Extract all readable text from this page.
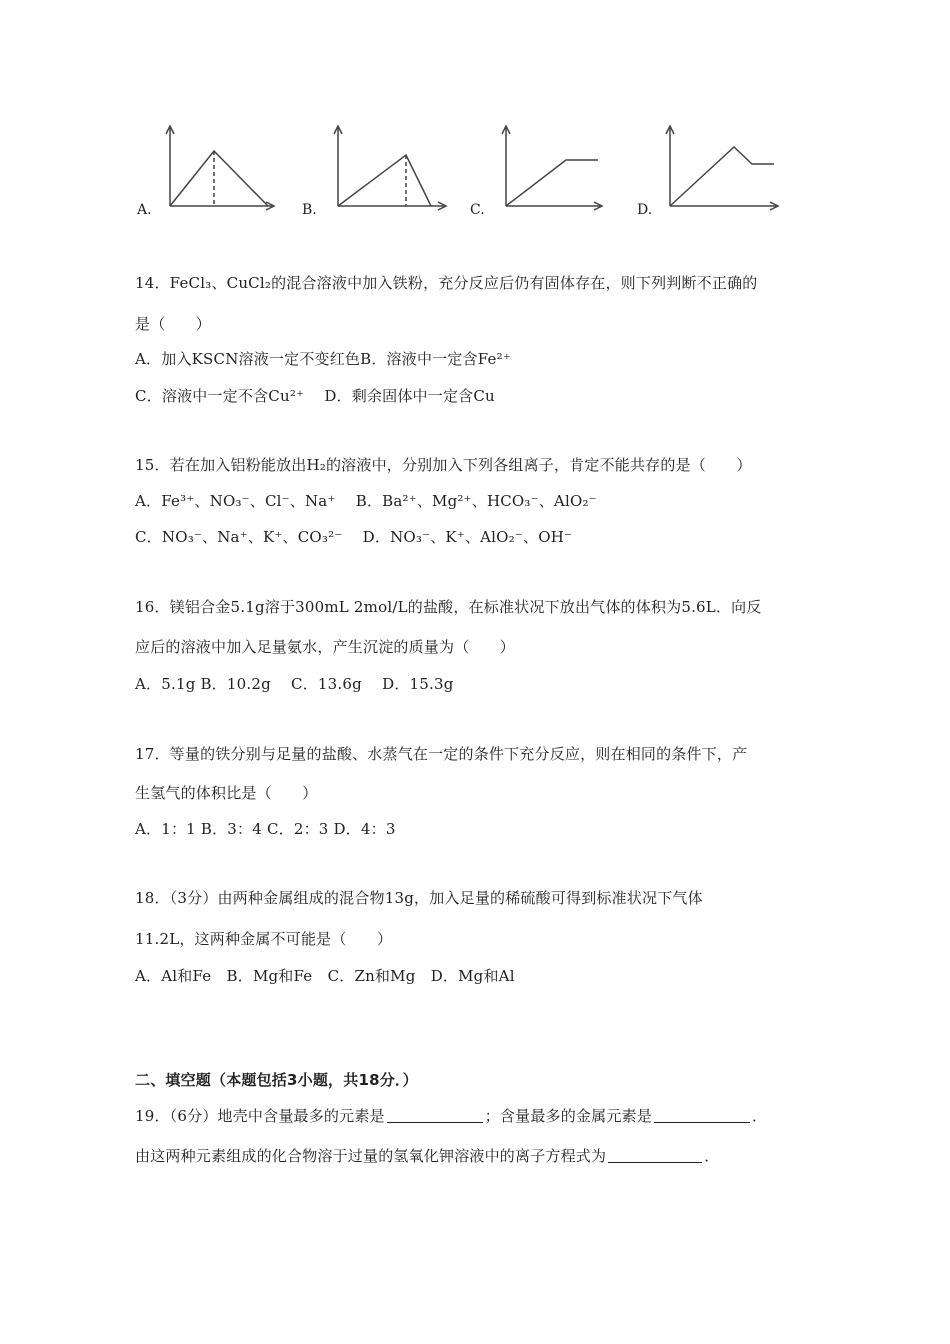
A.	B.	C.	D.
14．FeCl₃、CuCl₂的混合溶液中加入铁粉，充分反应后仍有固体存在，则下列判断不正确的
是（　　）
A．加入KSCN溶液一定不变红色B．溶液中一定含Fe²⁺
C．溶液中一定不含Cu²⁺　 D．剩余固体中一定含Cu
15．若在加入铝粉能放出H₂的溶液中，分别加入下列各组离子，肯定不能共存的是（　　）
A．Fe³⁺、NO₃⁻、Cl⁻、Na⁺　 B．Ba²⁺、Mg²⁺、HCO₃⁻、AlO₂⁻
C．NO₃⁻、Na⁺、K⁺、CO₃²⁻　 D．NO₃⁻、K⁺、AlO₂⁻、OH⁻
16．镁铝合金5.1g溶于300mL 2mol/L的盐酸，在标准状况下放出气体的体积为5.6L．向反
应后的溶液中加入足量氨水，产生沉淀的质量为（　　）
A．5.1g B．10.2g　 C．13.6g　 D．15.3g
17．等量的铁分别与足量的盐酸、水蒸气在一定的条件下充分反应，则在相同的条件下，产
生氢气的体积比是（　　）
A．1：1 B．3：4 C．2：3 D．4：3
18．（3分）由两种金属组成的混合物13g，加入足量的稀硫酸可得到标准状况下气体
11.2L，这两种金属不可能是（　　）
A．Al和Fe　B．Mg和Fe　C．Zn和Mg　D．Mg和Al
二、填空题（本题包括3小题，共18分．）
19．（6分）地壳中含量最多的元素是	；含量最多的金属元素是	．
由这两种元素组成的化合物溶于过量的氢氧化钾溶液中的离子方程式为	．
